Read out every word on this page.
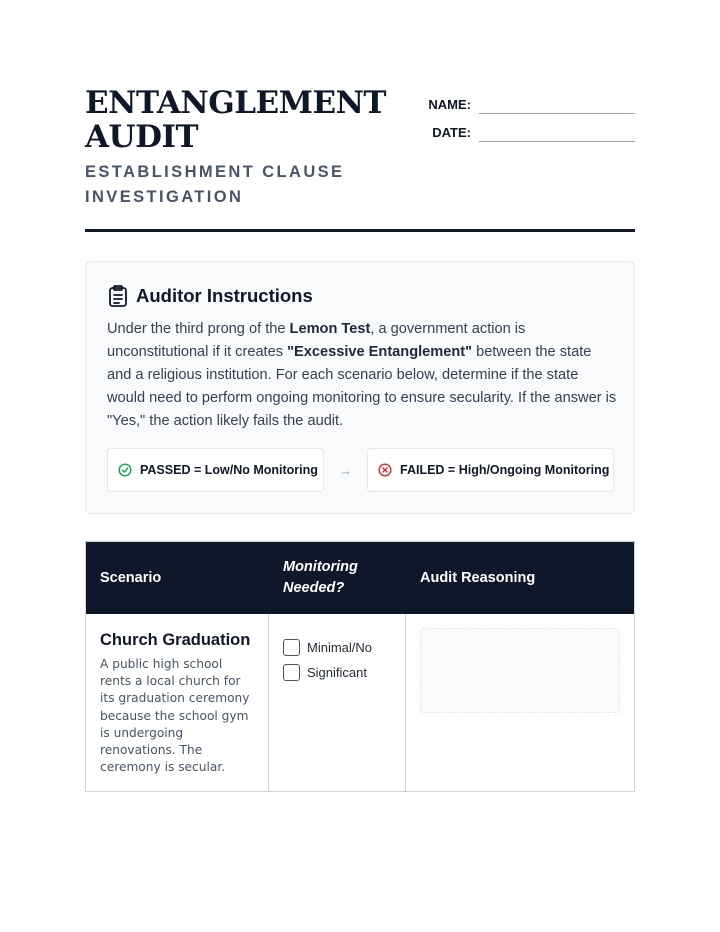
ENTANGLEMENT AUDIT
ESTABLISHMENT CLAUSE INVESTIGATION
NAME:
DATE:
Auditor Instructions

Under the third prong of the Lemon Test, a government action is unconstitutional if it creates "Excessive Entanglement" between the state and a religious institution. For each scenario below, determine if the state would need to perform ongoing monitoring to ensure secularity. If the answer is "Yes," the action likely fails the audit.

PASSED = Low/No Monitoring	→	FAILED = High/Ongoing Monitoring
Scenario
Monitoring Needed?
Audit Reasoning
Church Graduation
A public high school rents a local church for its graduation ceremony because the school gym is undergoing renovations. The ceremony is secular.
Minimal/No
Significant
